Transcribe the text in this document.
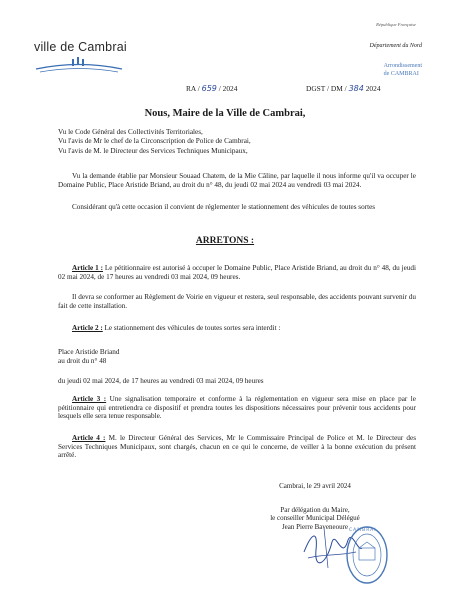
ville de Cambrai
République Française
Département du Nord
Arrondissement
de CAMBRAI
RA / 659 / 2024	DGST / DM / 384 2024
Nous, Maire de la Ville de Cambrai,
Vu le Code Général des Collectivités Territoriales,
Vu l'avis de Mr le chef de la Circonscription de Police de Cambrai,
Vu l'avis de M. le Directeur des Services Techniques Municipaux,
Vu la demande établie par Monsieur Souaad Chatem, de la Mie Câline, par laquelle il nous informe qu'il va occuper le Domaine Public, Place Aristide Briand, au droit du n° 48, du jeudi 02 mai 2024 au vendredi 03 mai 2024.
Considérant qu'à cette occasion il convient de réglementer le stationnement des véhicules de toutes sortes
ARRETONS :
Article 1 : Le pétitionnaire est autorisé à occuper le Domaine Public, Place Aristide Briand, au droit du n° 48, du jeudi 02 mai 2024, de 17 heures au vendredi 03 mai 2024, 09 heures.
Il devra se conformer au Règlement de Voirie en vigueur et restera, seul responsable, des accidents pouvant survenir du fait de cette installation.
Article 2 : Le stationnement des véhicules de toutes sortes sera interdit :
Place Aristide Briand
au droit du n° 48
du jeudi 02 mai 2024, de 17 heures au vendredi 03 mai 2024, 09 heures
Article 3 : Une signalisation temporaire et conforme à la réglementation en vigueur sera mise en place par le pétitionnaire qui entretiendra ce dispositif et prendra toutes les dispositions nécessaires pour prévenir tous accidents pour lesquels elle sera tenue responsable.
Article 4 : M. le Directeur Général des Services, Mr le Commissaire Principal de Police et M. le Directeur des Services Techniques Municipaux, sont chargés, chacun en ce qui le concerne, de veiller à la bonne exécution du présent arrêté.
Cambrai, le 29 avril 2024
Par délégation du Maire,
le conseiller Municipal Délégué
Jean Pierre Baveneoure CAMBRAI
